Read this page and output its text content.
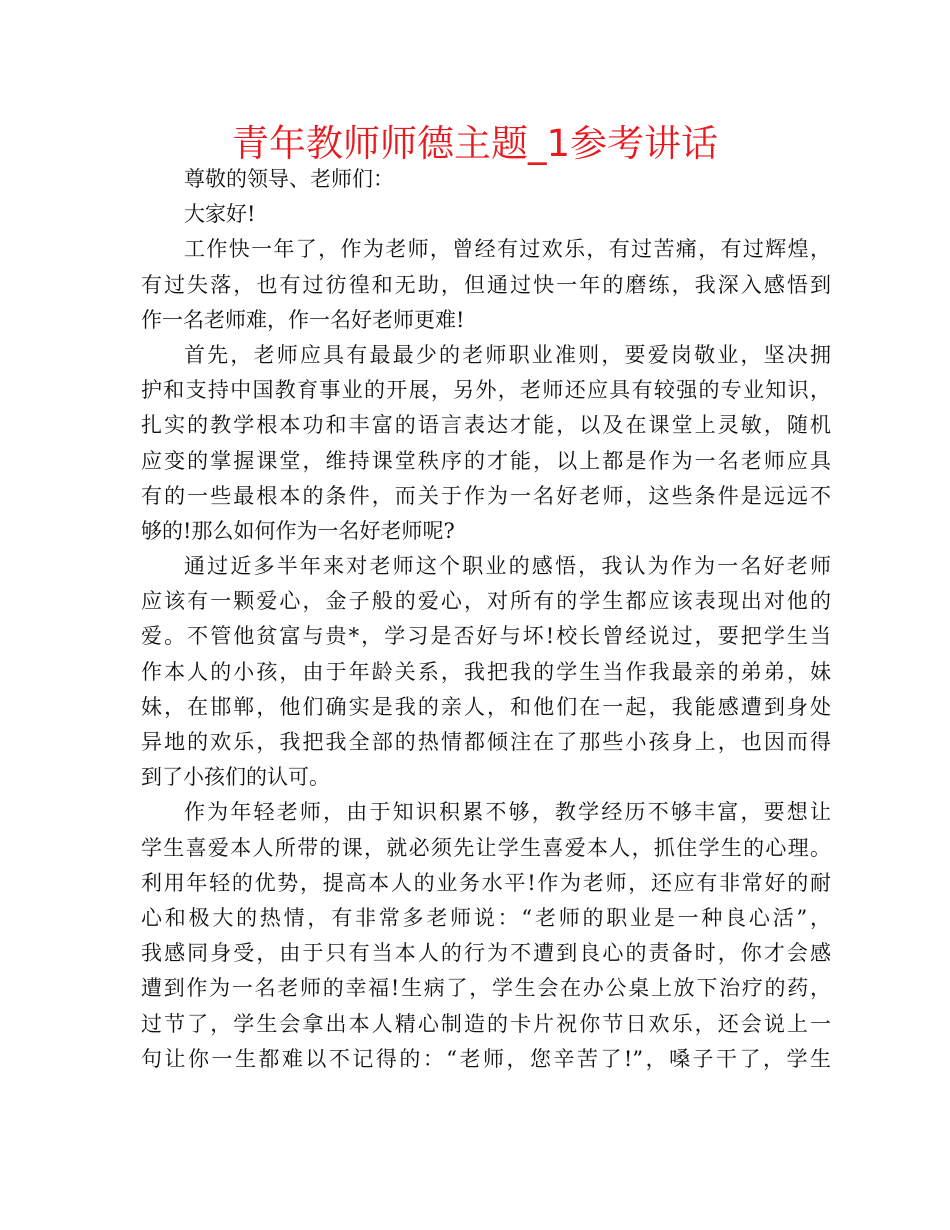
青年教师师德主题_1参考讲话
尊敬的领导、老师们：
大家好!
工作快一年了，作为老师，曾经有过欢乐，有过苦痛，有过辉煌，
有过失落，也有过彷徨和无助，但通过快一年的磨练，我深入感悟到
作一名老师难，作一名好老师更难!
首先，老师应具有最最少的老师职业准则，要爱岗敬业，坚决拥
护和支持中国教育事业的开展，另外，老师还应具有较强的专业知识，
扎实的教学根本功和丰富的语言表达才能，以及在课堂上灵敏，随机
应变的掌握课堂，维持课堂秩序的才能，以上都是作为一名老师应具
有的一些最根本的条件，而关于作为一名好老师，这些条件是远远不
够的!那么如何作为一名好老师呢?
通过近多半年来对老师这个职业的感悟，我认为作为一名好老师
应该有一颗爱心，金子般的爱心，对所有的学生都应该表现出对他的
爱。不管他贫富与贵*，学习是否好与坏!校长曾经说过，要把学生当
作本人的小孩，由于年龄关系，我把我的学生当作我最亲的弟弟，妹
妹，在邯郸，他们确实是我的亲人，和他们在一起，我能感遭到身处
异地的欢乐，我把我全部的热情都倾注在了那些小孩身上，也因而得
到了小孩们的认可。
作为年轻老师，由于知识积累不够，教学经历不够丰富，要想让
学生喜爱本人所带的课，就必须先让学生喜爱本人，抓住学生的心理。
利用年轻的优势，提高本人的业务水平!作为老师，还应有非常好的耐
心和极大的热情，有非常多老师说：“老师的职业是一种良心活”，
我感同身受，由于只有当本人的行为不遭到良心的责备时，你才会感
遭到作为一名老师的幸福!生病了，学生会在办公桌上放下治疗的药，
过节了，学生会拿出本人精心制造的卡片祝你节日欢乐，还会说上一
句让你一生都难以不记得的：“老师，您辛苦了!”，嗓子干了，学生
